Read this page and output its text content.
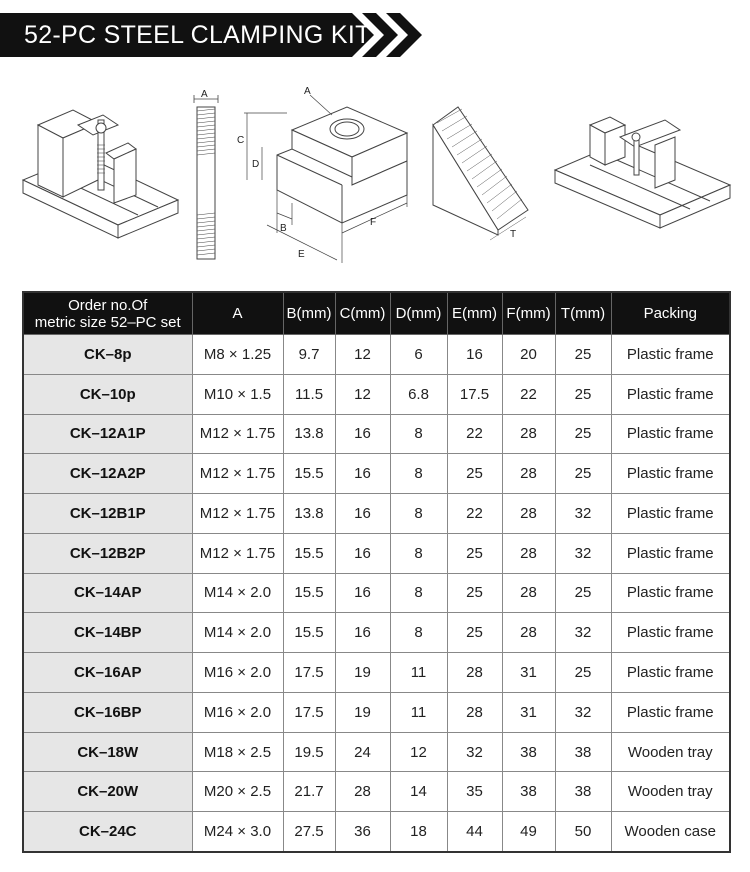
52-PC STEEL CLAMPING KIT
A	A
C
D
B
F
E
T
Order no.Of
metric size 52–PC set	A	B(mm)	C(mm)	D(mm)	E(mm)	F(mm)	T(mm)	Packing
CK–8p	M8 × 1.25	9.7	12	6	16	20	25	Plastic frame
CK–10p	M10 × 1.5	11.5	12	6.8	17.5	22	25	Plastic frame
CK–12A1P	M12 × 1.75	13.8	16	8	22	28	25	Plastic frame
CK–12A2P	M12 × 1.75	15.5	16	8	25	28	25	Plastic frame
CK–12B1P	M12 × 1.75	13.8	16	8	22	28	32	Plastic frame
CK–12B2P	M12 × 1.75	15.5	16	8	25	28	32	Plastic frame
CK–14AP	M14 × 2.0	15.5	16	8	25	28	25	Plastic frame
CK–14BP	M14 × 2.0	15.5	16	8	25	28	32	Plastic frame
CK–16AP	M16 × 2.0	17.5	19	11	28	31	25	Plastic frame
CK–16BP	M16 × 2.0	17.5	19	11	28	31	32	Plastic frame
CK–18W	M18 × 2.5	19.5	24	12	32	38	38	Wooden tray
CK–20W	M20 × 2.5	21.7	28	14	35	38	38	Wooden tray
CK–24C	M24 × 3.0	27.5	36	18	44	49	50	Wooden case
